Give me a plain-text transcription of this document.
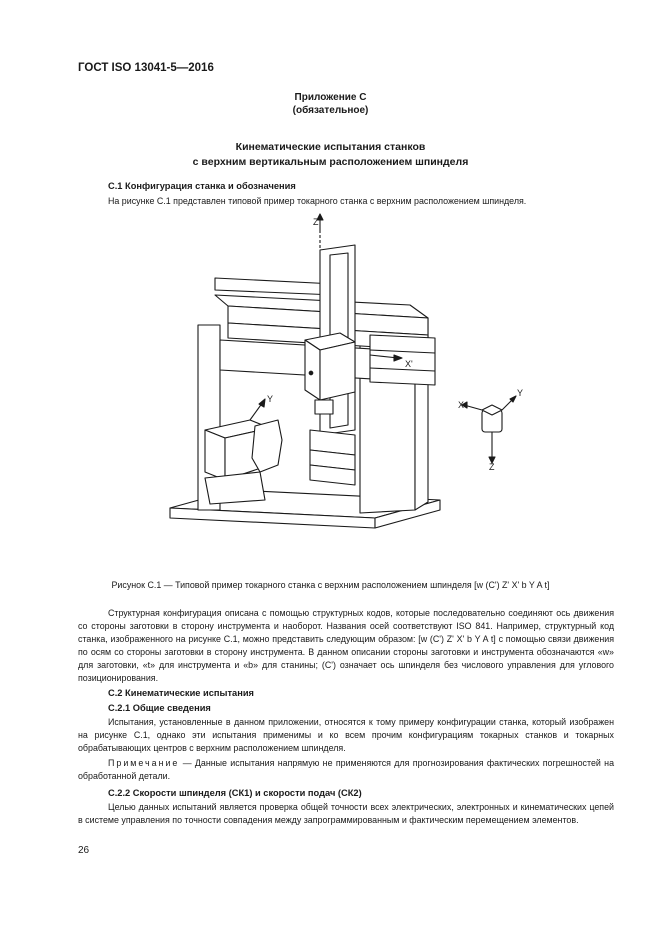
ГОСТ ISO 13041-5—2016
Приложение С
(обязательное)
Кинематические испытания станков
с верхним вертикальным расположением шпинделя
С.1 Конфигурация станка и обозначения
На рисунке С.1 представлен типовой пример токарного станка с верхним расположением шпинделя.
Z'
X'
Y
X
Y
Z
Рисунок С.1 — Типовой пример токарного станка с верхним расположением шпинделя [w (C') Z' X' b Y A t]
Структурная конфигурация описана с помощью структурных кодов, которые последовательно соединяют ось движения со стороны заготовки в сторону инструмента и наоборот. Названия осей соответствуют ISO 841. Например, структурный код станка, изображенного на рисунке С.1, можно представить следующим образом: [w (C') Z' X' b Y A t] с помощью связи движения по осям со стороны заготовки в сторону инструмента. В данном описании стороны заготовки и инструмента обозначаются «w» для заготовки, «t» для инструмента и «b» для станины; (C') означает ось шпинделя без числового управления для углового позиционирования.
С.2 Кинематические испытания
С.2.1 Общие сведения
Испытания, установленные в данном приложении, относятся к тому примеру конфигурации станка, который изображен на рисунке С.1, однако эти испытания применимы и ко всем прочим конфигурациям токарных станков и токарных обрабатывающих центров с верхним расположением шпинделя.
Примечание — Данные испытания напрямую не применяются для прогнозирования фактических погрешностей на обработанной детали.
С.2.2 Скорости шпинделя (СК1) и скорости подач (СК2)
Целью данных испытаний является проверка общей точности всех электрических, электронных и кинематических цепей в системе управления по точности совпадения между запрограммированным и фактическим перемещением элементов.
26
